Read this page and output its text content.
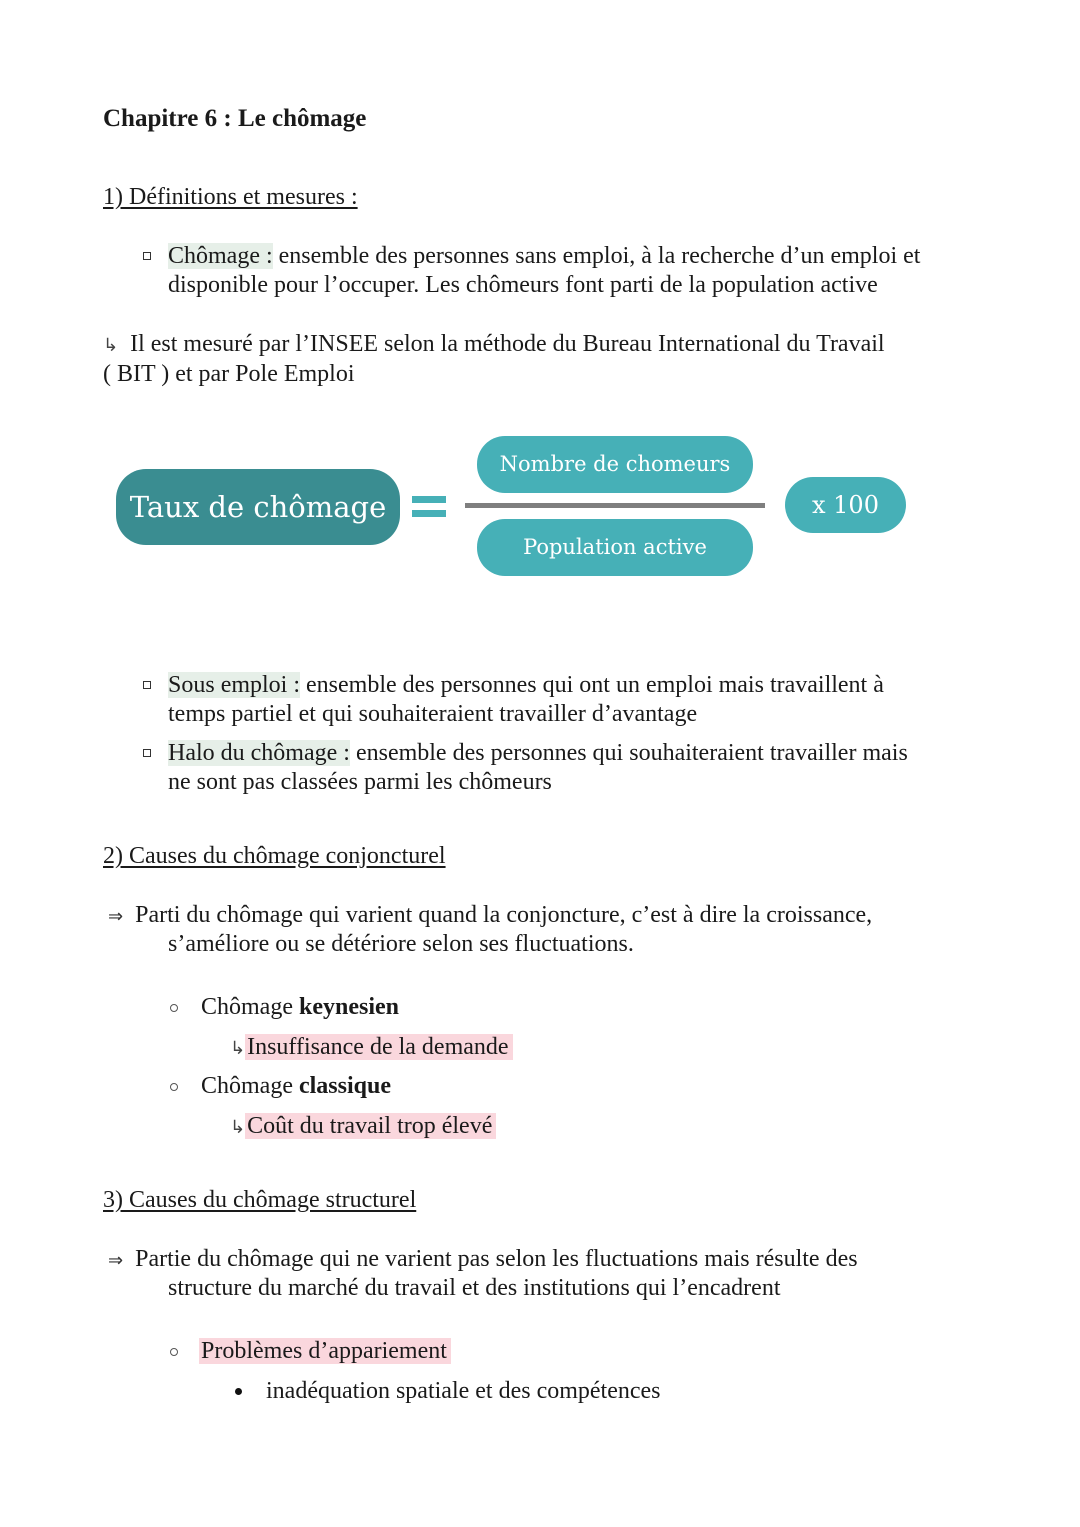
Chapitre 6 : Le chômage
1) Définitions et mesures :
Chômage : ensemble des personnes sans emploi, à la recherche d’un emploi et
disponible pour l’occuper. Les chômeurs font parti de la population active
↳ Il est mesuré par l’INSEE selon la méthode du Bureau International du Travail
( BIT ) et par Pole Emploi
Taux de chômage
Nombre de chomeurs
Population active
x 100
Sous emploi : ensemble des personnes qui ont un emploi mais travaillent à
temps partiel et qui souhaiteraient travailler d’avantage
Halo du chômage : ensemble des personnes qui souhaiteraient travailler mais
ne sont pas classées parmi les chômeurs
2) Causes du chômage conjoncturel
⇒ Parti du chômage qui varient quand la conjoncture, c’est à dire la croissance,
s’améliore ou se détériore selon ses fluctuations.
Chômage keynesien
↳Insuffisance de la demande
Chômage classique
↳Coût du travail trop élevé
3) Causes du chômage structurel
⇒ Partie du chômage qui ne varient pas selon les fluctuations mais résulte des
structure du marché du travail et des institutions qui l’encadrent
Problèmes d’appariement
inadéquation spatiale et des compétences
